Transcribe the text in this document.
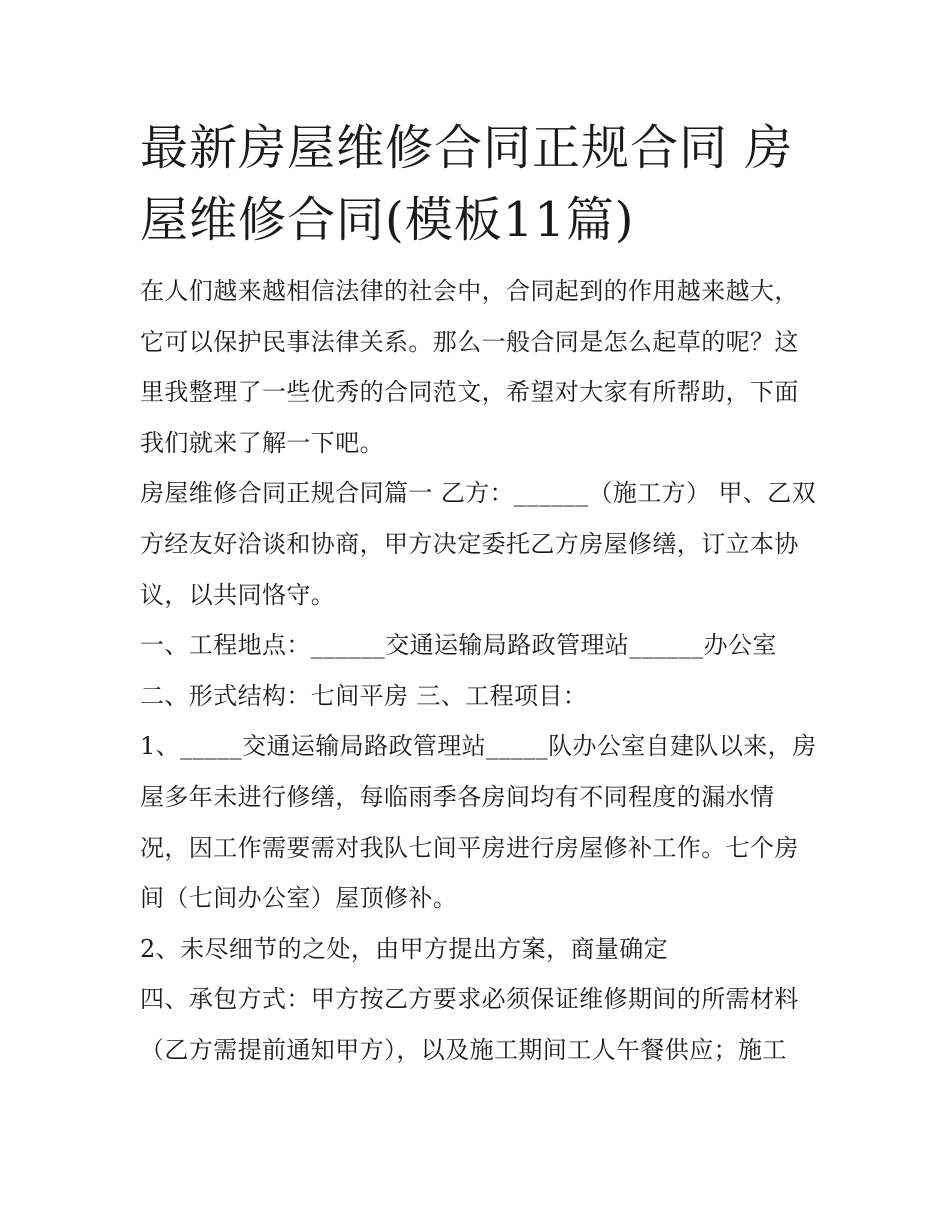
最新房屋维修合同正规合同 房屋维修合同(模板11篇)

在人们越来越相信法律的社会中，合同起到的作用越来越大，它可以保护民事法律关系。那么一般合同是怎么起草的呢？这里我整理了一些优秀的合同范文，希望对大家有所帮助，下面我们就来了解一下吧。

房屋维修合同正规合同篇一 乙方：______（施工方） 甲、乙双方经友好洽谈和协商，甲方决定委托乙方房屋修缮，订立本协议，以共同恪守。

一、工程地点：______交通运输局路政管理站______办公室

二、形式结构：七间平房 三、工程项目：

1、_____交通运输局路政管理站_____队办公室自建队以来，房屋多年未进行修缮，每临雨季各房间均有不同程度的漏水情况，因工作需要需对我队七间平房进行房屋修补工作。七个房间（七间办公室）屋顶修补。

2、未尽细节的之处，由甲方提出方案，商量确定

四、承包方式：甲方按乙方要求必须保证维修期间的所需材料（乙方需提前通知甲方），以及施工期间工人午餐供应；施工
